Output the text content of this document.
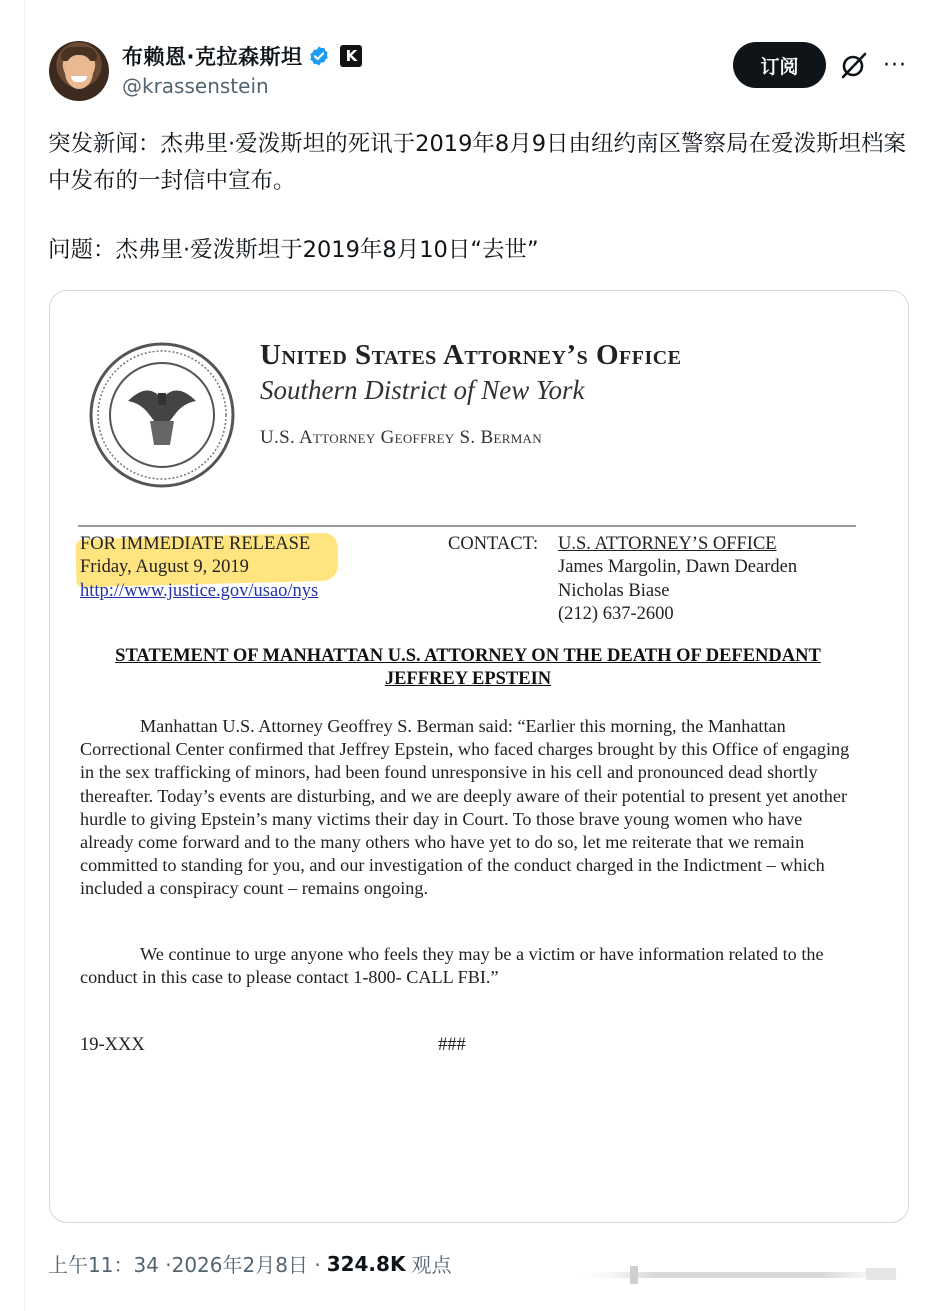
布赖恩·克拉森斯坦	K
@krassenstein
订阅	···

突发新闻：杰弗里·爱泼斯坦的死讯于2019年8月9日由纽约南区警察局在爱泼斯坦档案中发布的一封信中宣布。

问题：杰弗里·爱泼斯坦于2019年8月10日“去世”

United States Attorney’s Office
Southern District of New York
U.S. Attorney Geoffrey S. Berman
FOR IMMEDIATE RELEASE
Friday, August 9, 2019
http://www.justice.gov/usao/nys
CONTACT: U.S. ATTORNEY’S OFFICE
James Margolin, Dawn Dearden
Nicholas Biase
(212) 637-2600
STATEMENT OF MANHATTAN U.S. ATTORNEY ON THE DEATH OF DEFENDANT
JEFFREY EPSTEIN

Manhattan U.S. Attorney Geoffrey S. Berman said: “Earlier this morning, the Manhattan Correctional Center confirmed that Jeffrey Epstein, who faced charges brought by this Office of engaging in the sex trafficking of minors, had been found unresponsive in his cell and pronounced dead shortly thereafter. Today’s events are disturbing, and we are deeply aware of their potential to present yet another hurdle to giving Epstein’s many victims their day in Court. To those brave young women who have already come forward and to the many others who have yet to do so, let me reiterate that we remain committed to standing for you, and our investigation of the conduct charged in the Indictment – which included a conspiracy count – remains ongoing.

We continue to urge anyone who feels they may be a victim or have information related to the conduct in this case to please contact 1-800- CALL FBI.”

19-XXX	###
上午11：34 ·2026年2月8日 · 324.8K 观点
